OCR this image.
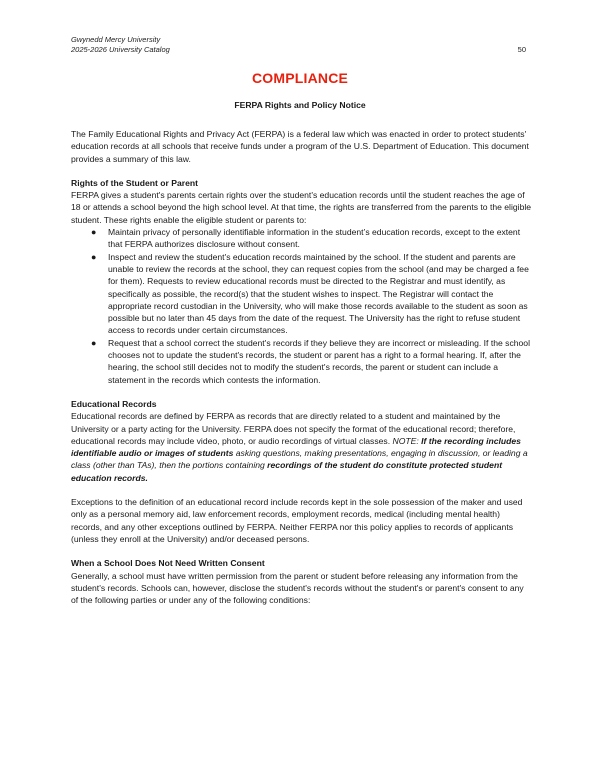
Gwynedd Mercy University
2025-2026 University Catalog	50
COMPLIANCE
FERPA Rights and Policy Notice

The Family Educational Rights and Privacy Act (FERPA) is a federal law which was enacted in order to protect students' education records at all schools that receive funds under a program of the U.S. Department of Education. This document provides a summary of this law.

Rights of the Student or Parent

FERPA gives a student's parents certain rights over the student's education records until the student reaches the age of 18 or attends a school beyond the high school level. At that time, the rights are transferred from the parents to the eligible student. These rights enable the eligible student or parents to:

● Maintain privacy of personally identifiable information in the student’s education records, except to the extent that FERPA authorizes disclosure without consent.
● Inspect and review the student's education records maintained by the school. If the student and parents are unable to review the records at the school, they can request copies from the school (and may be charged a fee for them). Requests to review educational records must be directed to the Registrar and must identify, as specifically as possible, the record(s) that the student wishes to inspect. The Registrar will contact the appropriate record custodian in the University, who will make those records available to the student as soon as possible but no later than 45 days from the date of the request. The University has the right to refuse student access to records under certain circumstances.
● Request that a school correct the student's records if they believe they are incorrect or misleading. If the school chooses not to update the student's records, the student or parent has a right to a formal hearing. If, after the hearing, the school still decides not to modify the student's records, the parent or student can include a statement in the records which contests the information.

Educational Records

Educational records are defined by FERPA as records that are directly related to a student and maintained by the University or a party acting for the University. FERPA does not specify the format of the educational record; therefore, educational records may include video, photo, or audio recordings of virtual classes. NOTE: If the recording includes identifiable audio or images of students asking questions, making presentations, engaging in discussion, or leading a class (other than TAs), then the portions containing recordings of the student do constitute protected student education records.

Exceptions to the definition of an educational record include records kept in the sole possession of the maker and used only as a personal memory aid, law enforcement records, employment records, medical (including mental health) records, and any other exceptions outlined by FERPA. Neither FERPA nor this policy applies to records of applicants (unless they enroll at the University) and/or deceased persons.

When a School Does Not Need Written Consent

Generally, a school must have written permission from the parent or student before releasing any information from the student's records. Schools can, however, disclose the student's records without the student's or parent's consent to any of the following parties or under any of the following conditions:
